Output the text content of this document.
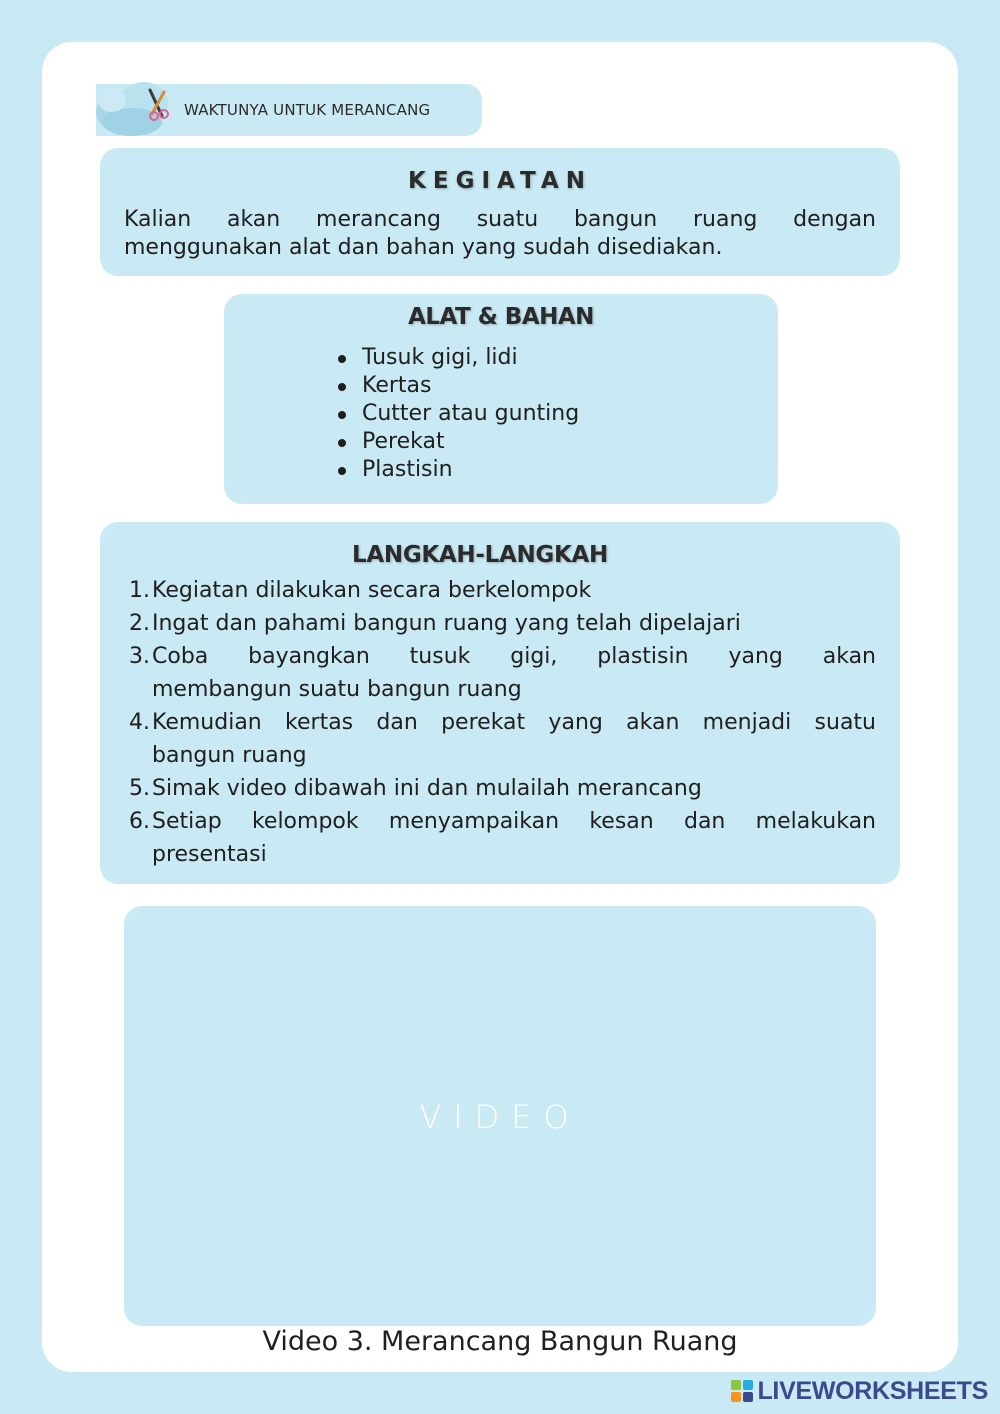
WAKTUNYA UNTUK MERANCANG
KEGIATAN
Kalian akan merancang suatu bangun ruang dengan
menggunakan alat dan bahan yang sudah disediakan.
ALAT & BAHAN
Tusuk gigi, lidi
Kertas
Cutter atau gunting
Perekat
Plastisin
LANGKAH-LANGKAH
1. Kegiatan dilakukan secara berkelompok
2. Ingat dan pahami bangun ruang yang telah dipelajari
3. Coba bayangkan tusuk gigi, plastisin yang akan
membangun suatu bangun ruang
4. Kemudian kertas dan perekat yang akan menjadi suatu
bangun ruang
5. Simak video dibawah ini dan mulailah merancang
6. Setiap kelompok menyampaikan kesan dan melakukan
presentasi
VIDEO
Video 3. Merancang Bangun Ruang
LIVEWORKSHEETS
